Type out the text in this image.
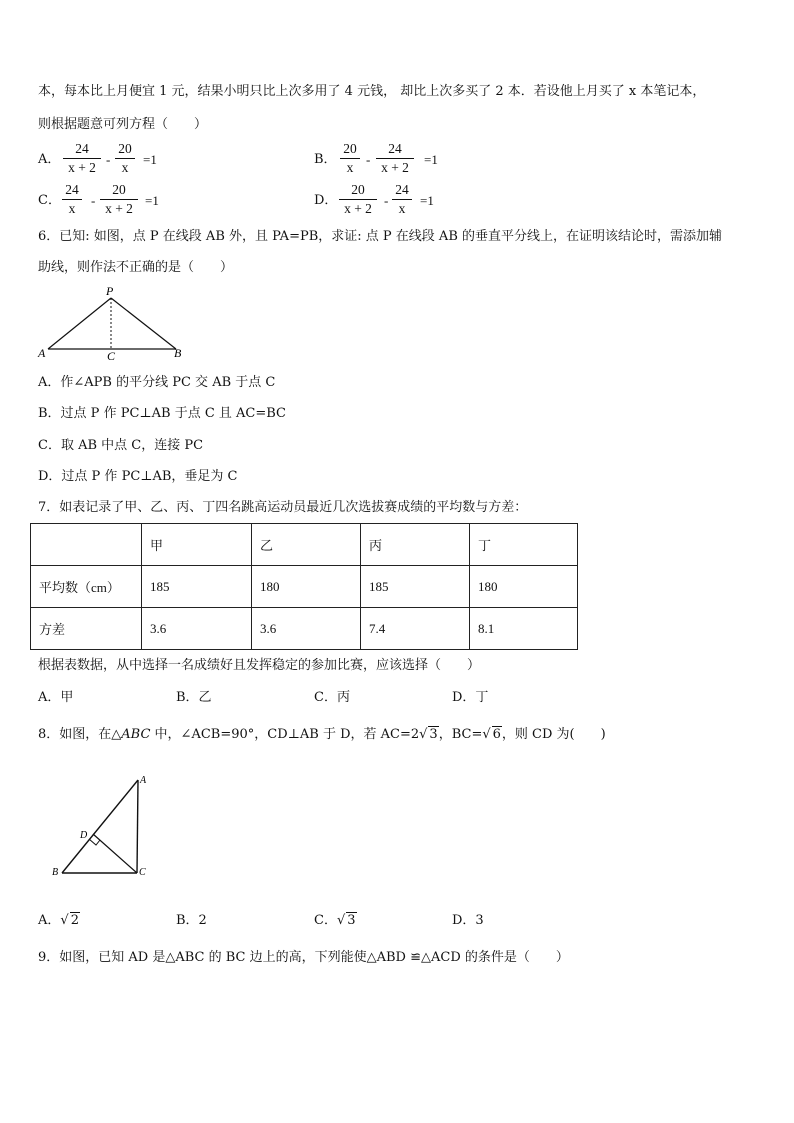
本，每本比上月便宜 1 元，结果小明只比上次多用了 4 元钱， 却比上次多买了 2 本．若设他上月买了 x 本笔记本，
则根据题意可列方程（　　）
A． $\frac{24}{x + 2} - \frac{20}{x} =1$	B． $\frac{20}{x} - \frac{24}{x + 2} =1$
C． $\frac{24}{x} - \frac{20}{x + 2} =1$	D． $\frac{20}{x + 2} - \frac{24}{x} =1$
6．已知: 如图，点 P 在线段 AB 外，且 PA=PB，求证: 点 P 在线段 AB 的垂直平分线上，在证明该结论时，需添加辅
助线，则作法不正确的是（　　）
P
A	C	B
A．作∠APB 的平分线 PC 交 AB 于点 C
B．过点 P 作 PC⊥AB 于点 C 且 AC=BC
C．取 AB 中点 C，连接 PC
D．过点 P 作 PC⊥AB，垂足为 C
7．如表记录了甲、乙、丙、丁四名跳高运动员最近几次选拔赛成绩的平均数与方差：
	甲	乙	丙	丁
平均数（cm）	185	180	185	180
方差	3.6	3.6	7.4	8.1
根据表数据，从中选择一名成绩好且发挥稳定的参加比赛，应该选择（　　）
A．甲	B．乙	C．丙	D．丁
8．如图，在△ABC 中，∠ACB=90°，CD⊥AB 于 D，若 AC=2√ 3，BC=√ 6，则 CD 为(　　)
A
D
B	C
A．√ 2	B．2	C．√ 3	D．3
9．如图，已知 AD 是△ABC 的 BC 边上的高，下列能使△ABD ≌△ACD 的条件是（　　）
